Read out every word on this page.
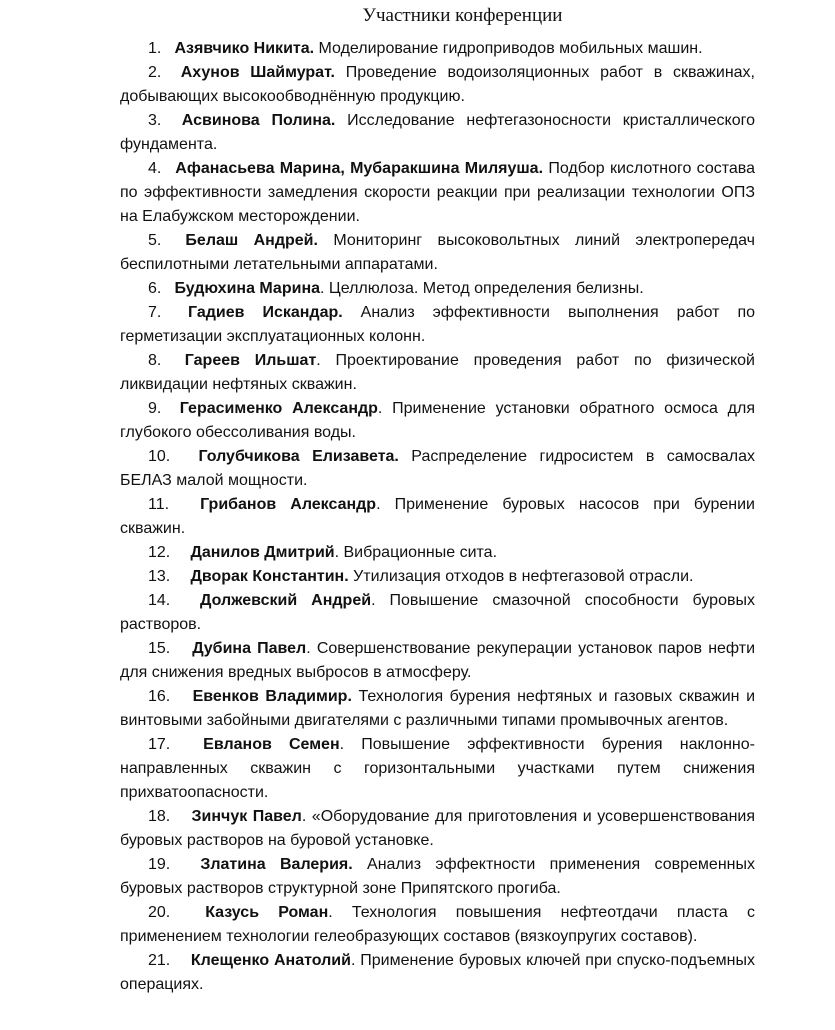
Участники конференции
1. Азявчико Никита. Моделирование гидроприводов мобильных машин.
2. Ахунов Шаймурат. Проведение водоизоляционных работ в скважинах, добывающих высокообводнённую продукцию.
3. Асвинова Полина. Исследование нефтегазоносности кристаллического фундамента.
4. Афанасьева Марина, Мубаракшина Миляуша. Подбор кислотного состава по эффективности замедления скорости реакции при реализации технологии ОПЗ на Елабужском месторождении.
5. Белаш Андрей. Мониторинг высоковольтных линий электропередач беспилотными летательными аппаратами.
6. Будюхина Марина. Целлюлоза. Метод определения белизны.
7. Гадиев Искандар. Анализ эффективности выполнения работ по герметизации эксплуатационных колонн.
8. Гареев Ильшат. Проектирование проведения работ по физической ликвидации нефтяных скважин.
9. Герасименко Александр. Применение установки обратного осмоса для глубокого обессоливания воды.
10. Голубчикова Елизавета. Распределение гидросистем в самосвалах БЕЛАЗ малой мощности.
11. Грибанов Александр. Применение буровых насосов при бурении скважин.
12. Данилов Дмитрий. Вибрационные сита.
13. Дворак Константин. Утилизация отходов в нефтегазовой отрасли.
14. Должевский Андрей. Повышение смазочной способности буровых растворов.
15. Дубина Павел. Совершенствование рекуперации установок паров нефти для снижения вредных выбросов в атмосферу.
16. Евенков Владимир. Технология бурения нефтяных и газовых скважин и винтовыми забойными двигателями с различными типами промывочных агентов.
17. Евланов Семен. Повышение эффективности бурения наклонно-направленных скважин с горизонтальными участками путем снижения прихватоопасности.
18. Зинчук Павел. «Оборудование для приготовления и усовершенствования буровых растворов на буровой установке.
19. Златина Валерия. Анализ эффектности применения современных буровых растворов структурной зоне Припятского прогиба.
20. Казусь Роман. Технология повышения нефтеотдачи пласта с применением технологии гелеобразующих составов (вязкоупругих составов).
21. Клещенко Анатолий. Применение буровых ключей при спуско-подъемных операциях.
